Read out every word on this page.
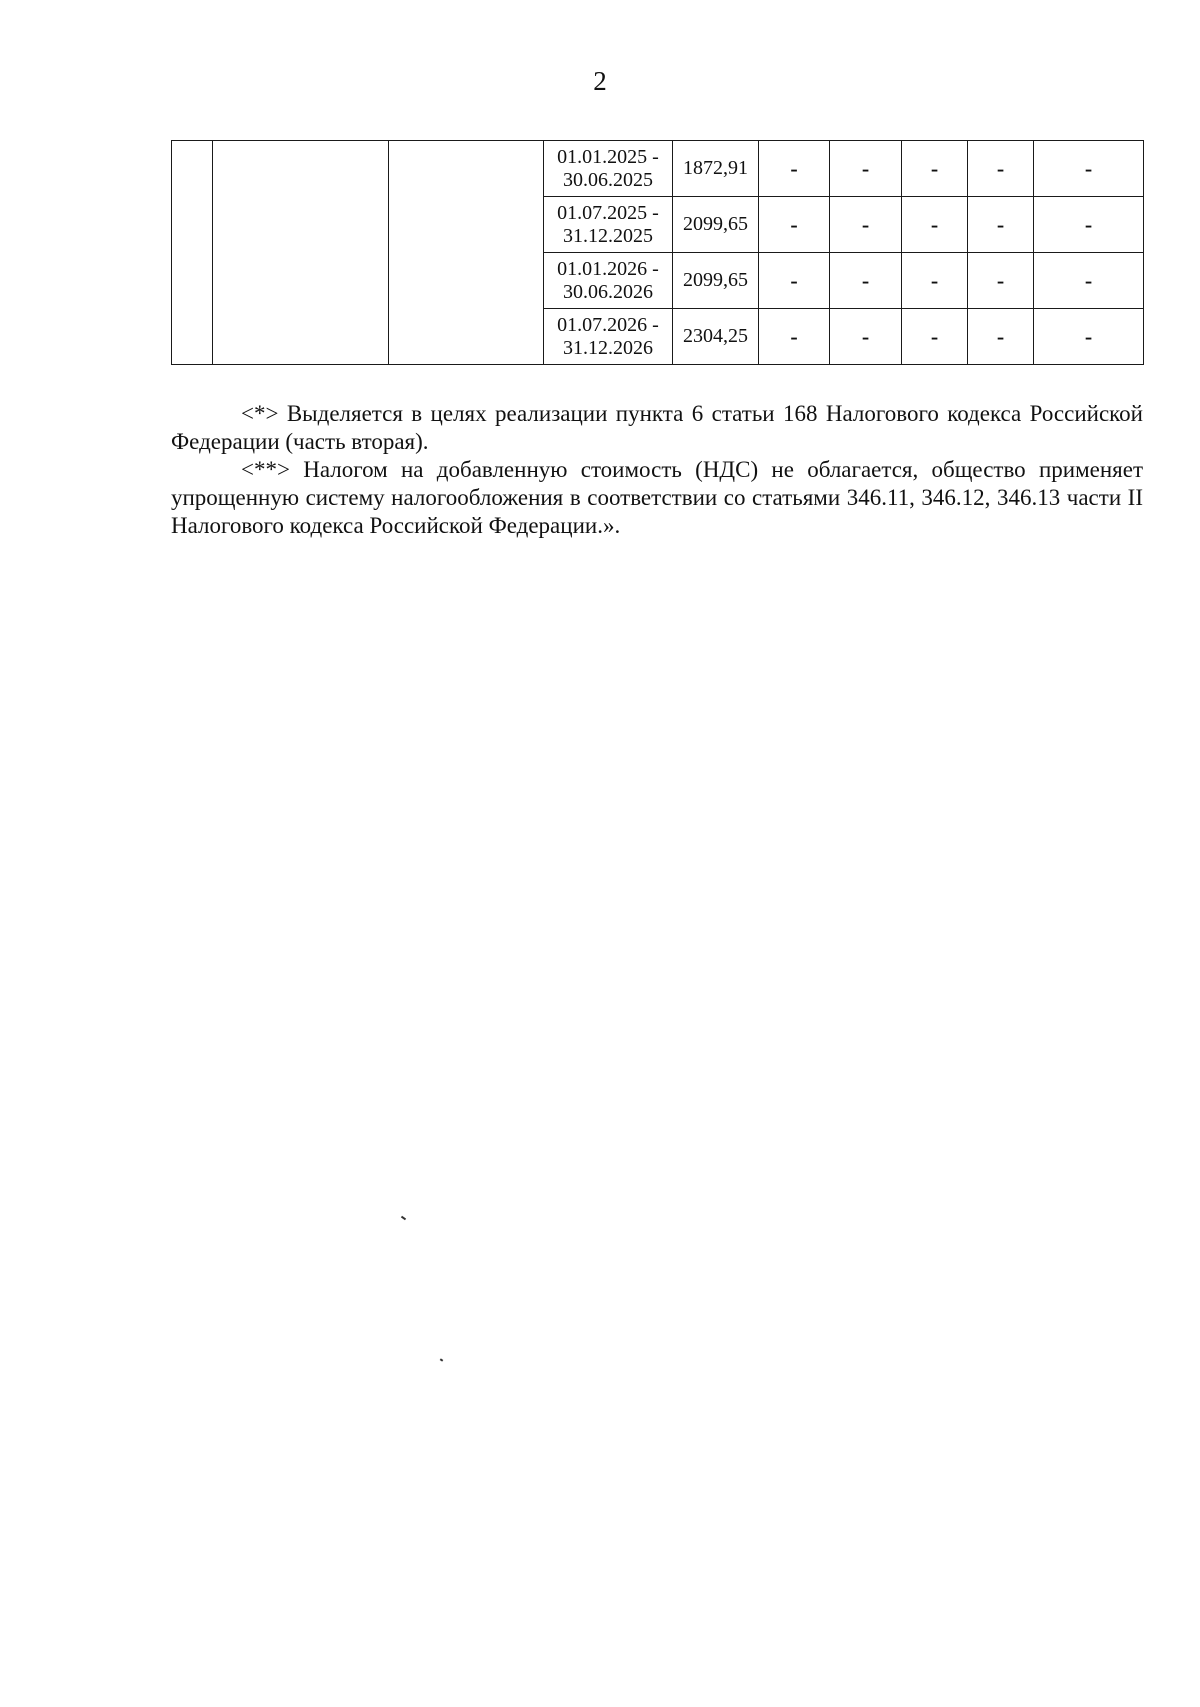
2

			01.01.2025 -
30.06.2025	1872,91	-	-	-	-	-

			01.07.2025 -
31.12.2025	2099,65	-	-	-	-	-

			01.01.2026 -
30.06.2026	2099,65	-	-	-	-	-

			01.07.2026 -
31.12.2026	2304,25	-	-	-	-	-

<*> Выделяется в целях реализации пункта 6 статьи 168 Налогового кодекса Российской Федерации (часть вторая).

<**> Налогом на добавленную стоимость (НДС) не облагается, общество применяет упрощенную систему налогообложения в соответствии со статьями 346.11, 346.12, 346.13 части II Налогового кодекса Российской Федерации.».
